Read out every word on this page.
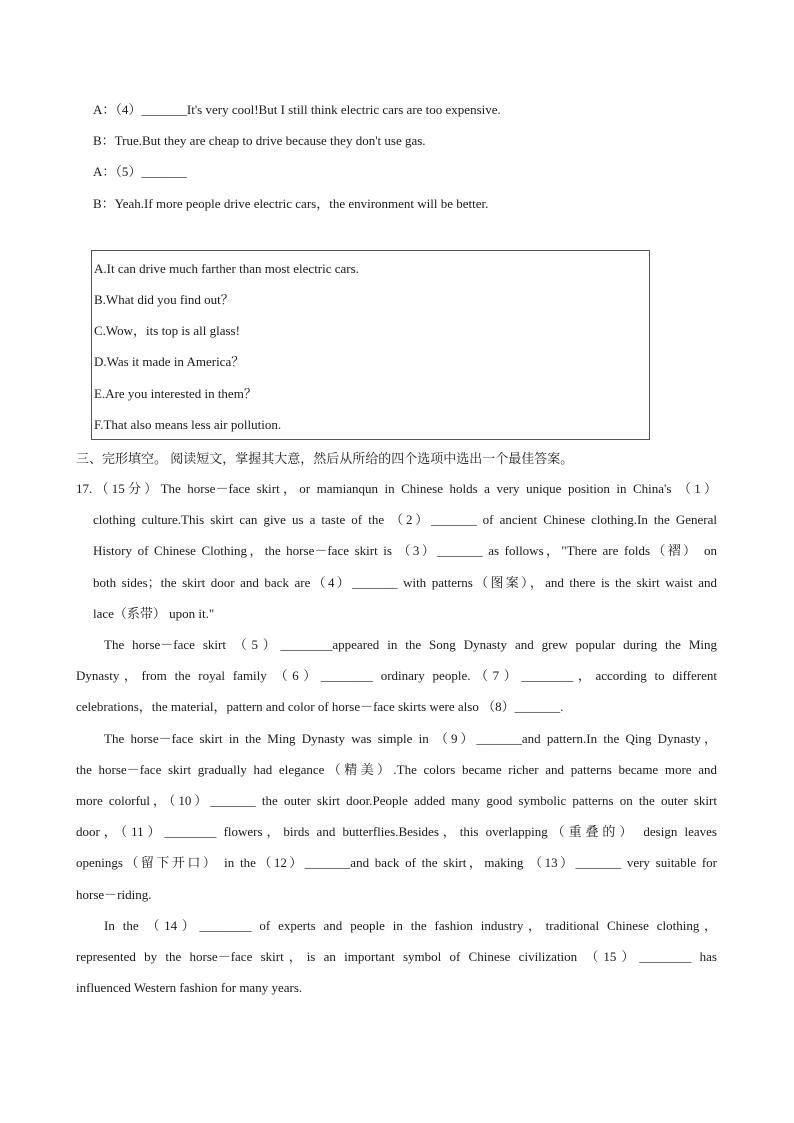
A：（4）_______It's very cool!But I still think electric cars are too expensive.
B：True.But they are cheap to drive because they don't use gas.
A：（5）_______
B：Yeah.If more people drive electric cars，the environment will be better.
A.It can drive much farther than most electric cars.
B.What did you find out？
C.Wow，its top is all glass!
D.Was it made in America？
E.Are you interested in them？
F.That also means less air pollution.
三、完形填空。 阅读短文，掌握其大意，然后从所给的四个选项中选出一个最佳答案。
17.（15分）The horse－face skirt，or mamianqun in Chinese holds a very unique position in China's （1）
clothing culture.This skirt can give us a taste of the （2）_______ of ancient Chinese clothing.In the General
History of Chinese Clothing，the horse－face skirt is （3）_______ as follows，"There are folds（褶） on
both sides；the skirt door and back are（4）_______ with patterns（图案），and there is the skirt waist and
lace（系带） upon it."
The horse－face skirt （5）________appeared in the Song Dynasty and grew popular during the Ming
Dynasty，from the royal family （6）________ ordinary people.（7）________，according to different
celebrations，the material，pattern and color of horse－face skirts were also （8）_______.
The horse－face skirt in the Ming Dynasty was simple in （9）_______and pattern.In the Qing Dynasty，
the horse－face skirt gradually had elegance（精美）.The colors became richer and patterns became more and
more colorful，（10）_______ the outer skirt door.People added many good symbolic patterns on the outer skirt
door，（11）________ flowers，birds and butterflies.Besides，this overlapping（重叠的） design leaves
openings（留下开口） in the（12）_______and back of the skirt，making （13）_______ very suitable for
horse－riding.
In the （14）________ of experts and people in the fashion industry，traditional Chinese clothing，
represented by the horse－face skirt，is an important symbol of Chinese civilization （15）________ has
influenced Western fashion for many years.
